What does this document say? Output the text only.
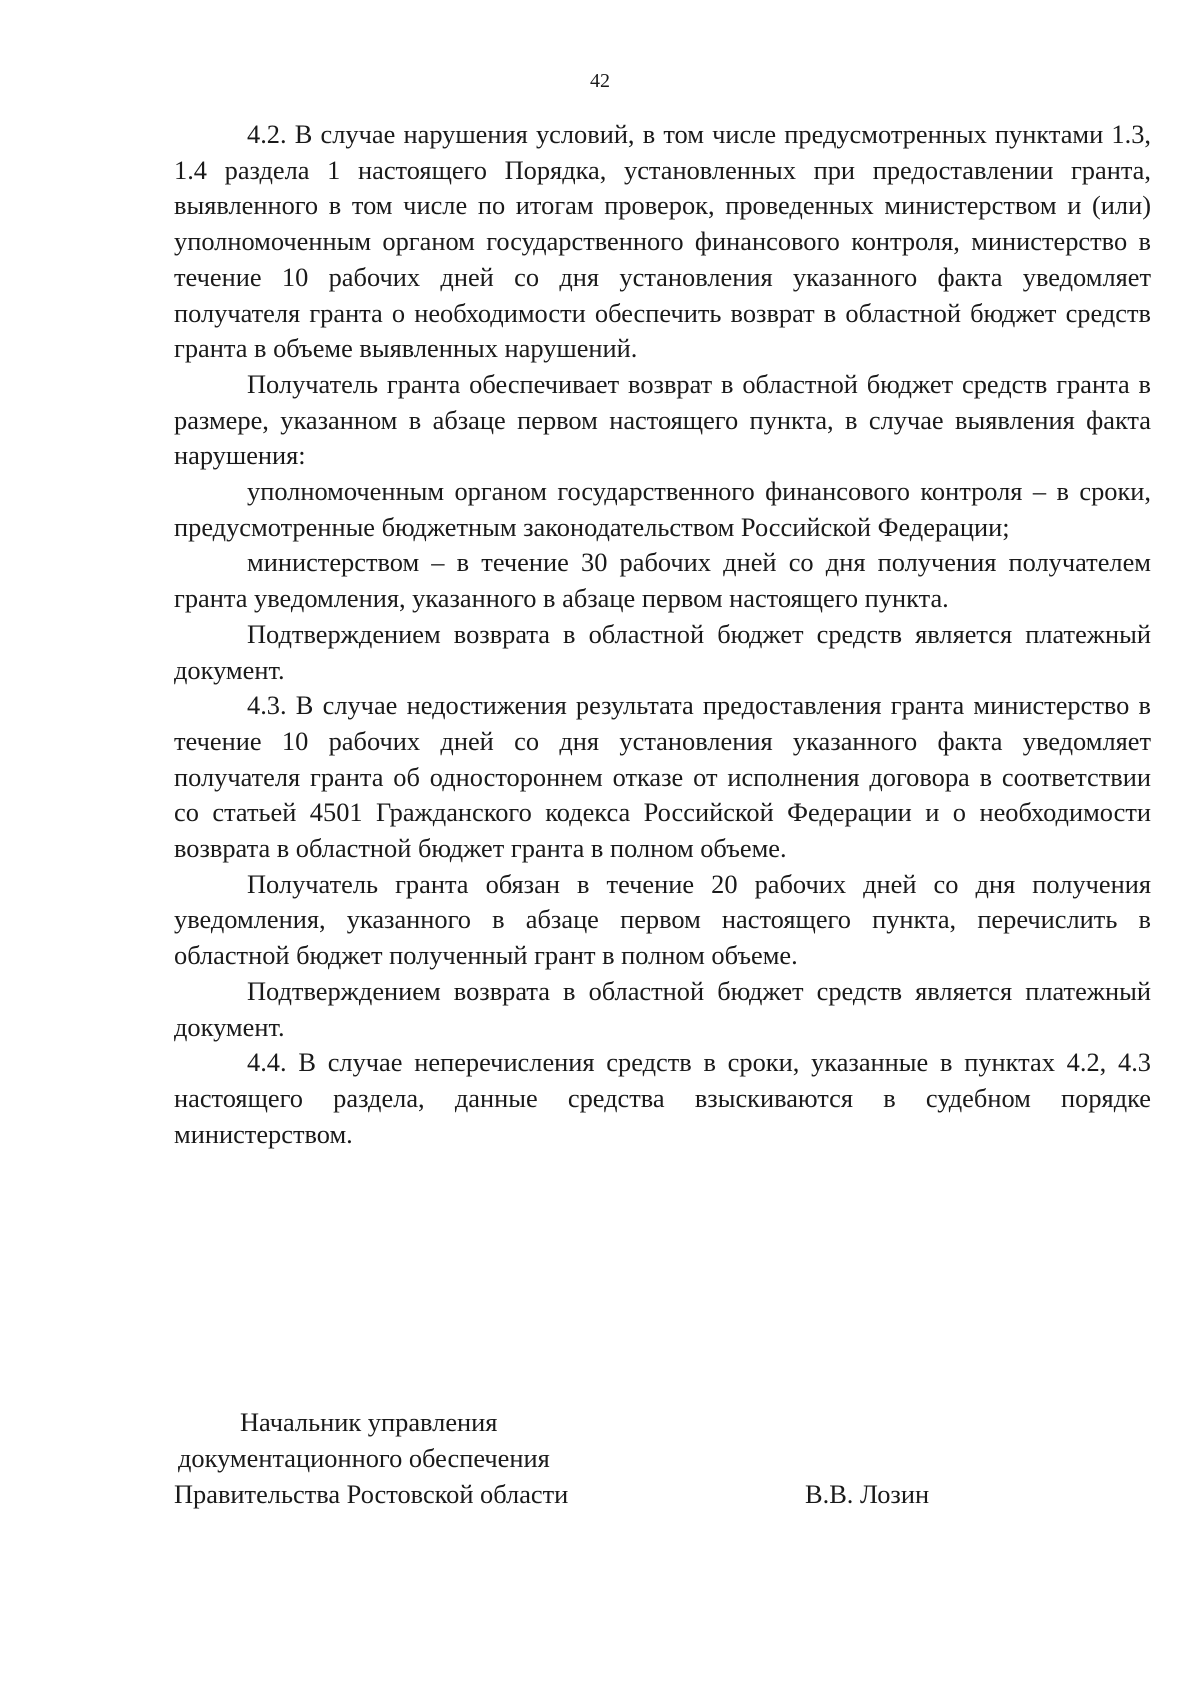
42

4.2. В случае нарушения условий, в том числе предусмотренных пунктами 1.3, 1.4 раздела 1 настоящего Порядка, установленных при предоставлении гранта, выявленного в том числе по итогам проверок, проведенных министерством и (или) уполномоченным органом государственного финансового контроля, министерство в течение 10 рабочих дней со дня установления указанного факта уведомляет получателя гранта о необходимости обеспечить возврат в областной бюджет средств гранта в объеме выявленных нарушений.

Получатель гранта обеспечивает возврат в областной бюджет средств гранта в размере, указанном в абзаце первом настоящего пункта, в случае выявления факта нарушения:

уполномоченным органом государственного финансового контроля – в сроки, предусмотренные бюджетным законодательством Российской Федерации;

министерством – в течение 30 рабочих дней со дня получения получателем гранта уведомления, указанного в абзаце первом настоящего пункта.

Подтверждением возврата в областной бюджет средств является платежный документ.

4.3. В случае недостижения результата предоставления гранта министерство в течение 10 рабочих дней со дня установления указанного факта уведомляет получателя гранта об одностороннем отказе от исполнения договора в соответствии со статьей 4501 Гражданского кодекса Российской Федерации и о необходимости возврата в областной бюджет гранта в полном объеме.

Получатель гранта обязан в течение 20 рабочих дней со дня получения уведомления, указанного в абзаце первом настоящего пункта, перечислить в областной бюджет полученный грант в полном объеме.

Подтверждением возврата в областной бюджет средств является платежный документ.

4.4. В случае неперечисления средств в сроки, указанные в пунктах 4.2, 4.3 настоящего раздела, данные средства взыскиваются в судебном порядке министерством.

Начальник управления
документационного обеспечения
Правительства Ростовской области	В.В. Лозин
